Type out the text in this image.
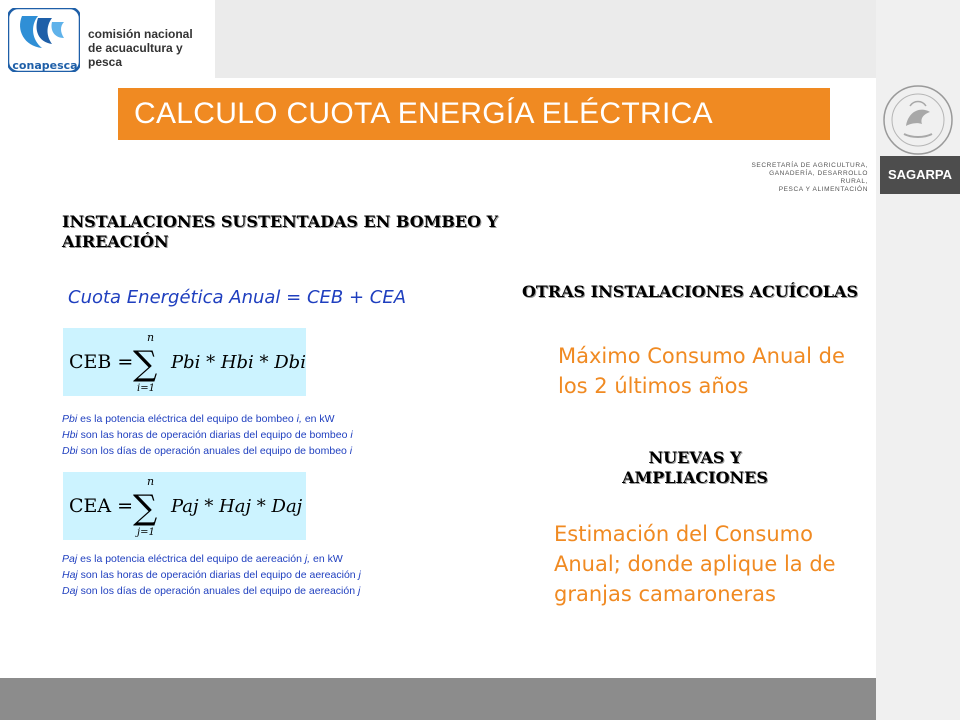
conapesca
comisión nacional
de acuacultura y pesca
SECRETARÍA DE AGRICULTURA,
GANADERÍA, DESARROLLO RURAL,
PESCA Y ALIMENTACIÓN
SAGARPA
CALCULO CUOTA ENERGÍA ELÉCTRICA
INSTALACIONES SUSTENTADAS EN BOMBEO Y AIREACIÓN
Cuota Energética Anual = CEB + CEA
CEB =
n
∑
i=1
Pbi * Hbi * Dbi
Pbi es la potencia eléctrica del equipo de bombeo i, en kW
Hbi son las horas de operación diarias del equipo de bombeo i
Dbi son los días de operación anuales del equipo de bombeo i
CEA =
n
∑
j=1
Paj * Haj * Daj
Paj es la potencia eléctrica del equipo de aereación j, en kW
Haj son las horas de operación diarias del equipo de aereación j
Daj son los días de operación anuales del equipo de aereación j
OTRAS INSTALACIONES ACUÍCOLAS
Máximo Consumo Anual de los 2 últimos años
NUEVAS Y AMPLIACIONES
Estimación del Consumo Anual; donde aplique la de granjas camaroneras
